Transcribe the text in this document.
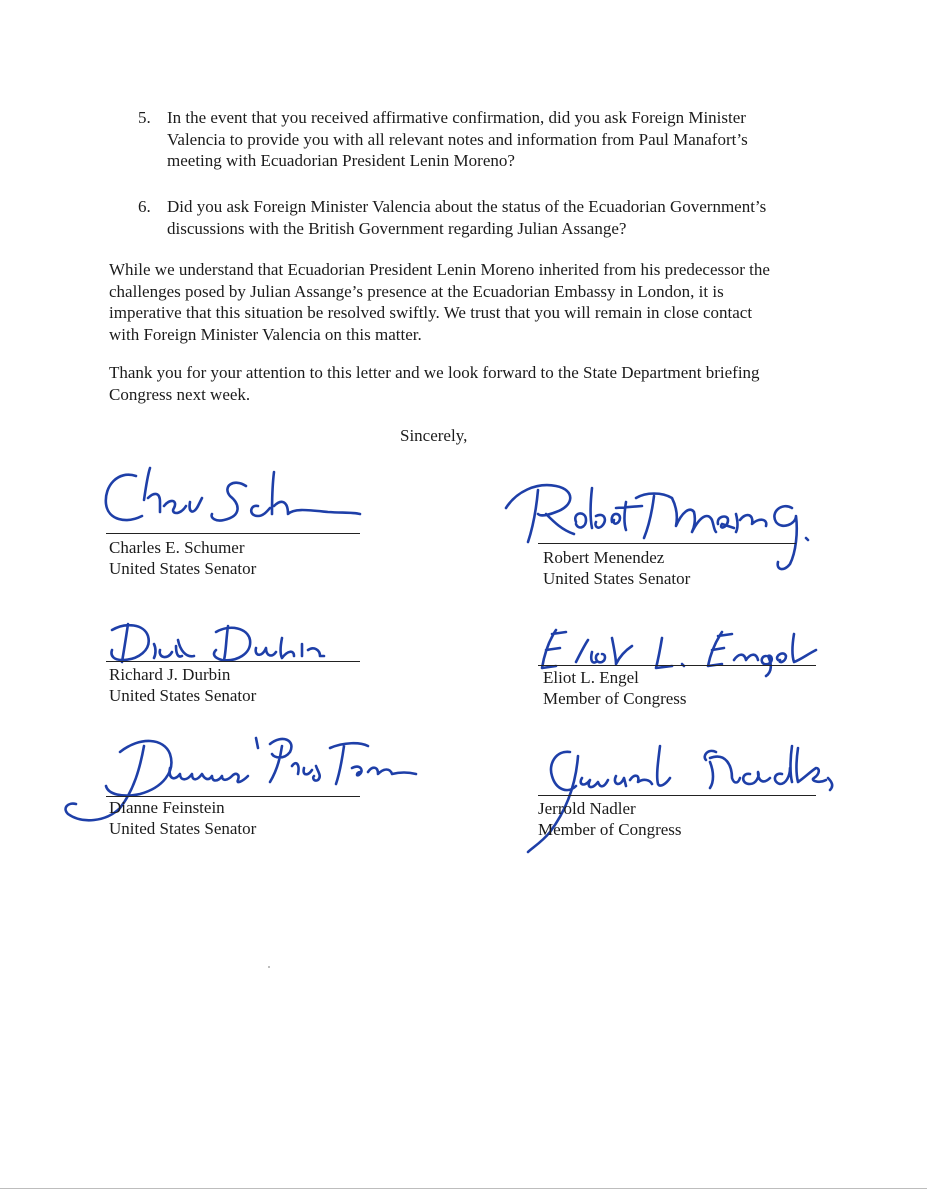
5. In the event that you received affirmative confirmation, did you ask Foreign Minister
Valencia to provide you with all relevant notes and information from Paul Manafort’s
meeting with Ecuadorian President Lenin Moreno?

6. Did you ask Foreign Minister Valencia about the status of the Ecuadorian Government’s
discussions with the British Government regarding Julian Assange?

While we understand that Ecuadorian President Lenin Moreno inherited from his predecessor the
challenges posed by Julian Assange’s presence at the Ecuadorian Embassy in London, it is
imperative that this situation be resolved swiftly. We trust that you will remain in close contact
with Foreign Minister Valencia on this matter.

Thank you for your attention to this letter and we look forward to the State Department briefing
Congress next week.

Sincerely,
Charles E. Schumer
United States Senator
Robert Menendez
United States Senator
Richard J. Durbin
United States Senator
Eliot L. Engel
Member of Congress
Dianne Feinstein
United States Senator
Jerrold Nadler
Member of Congress
